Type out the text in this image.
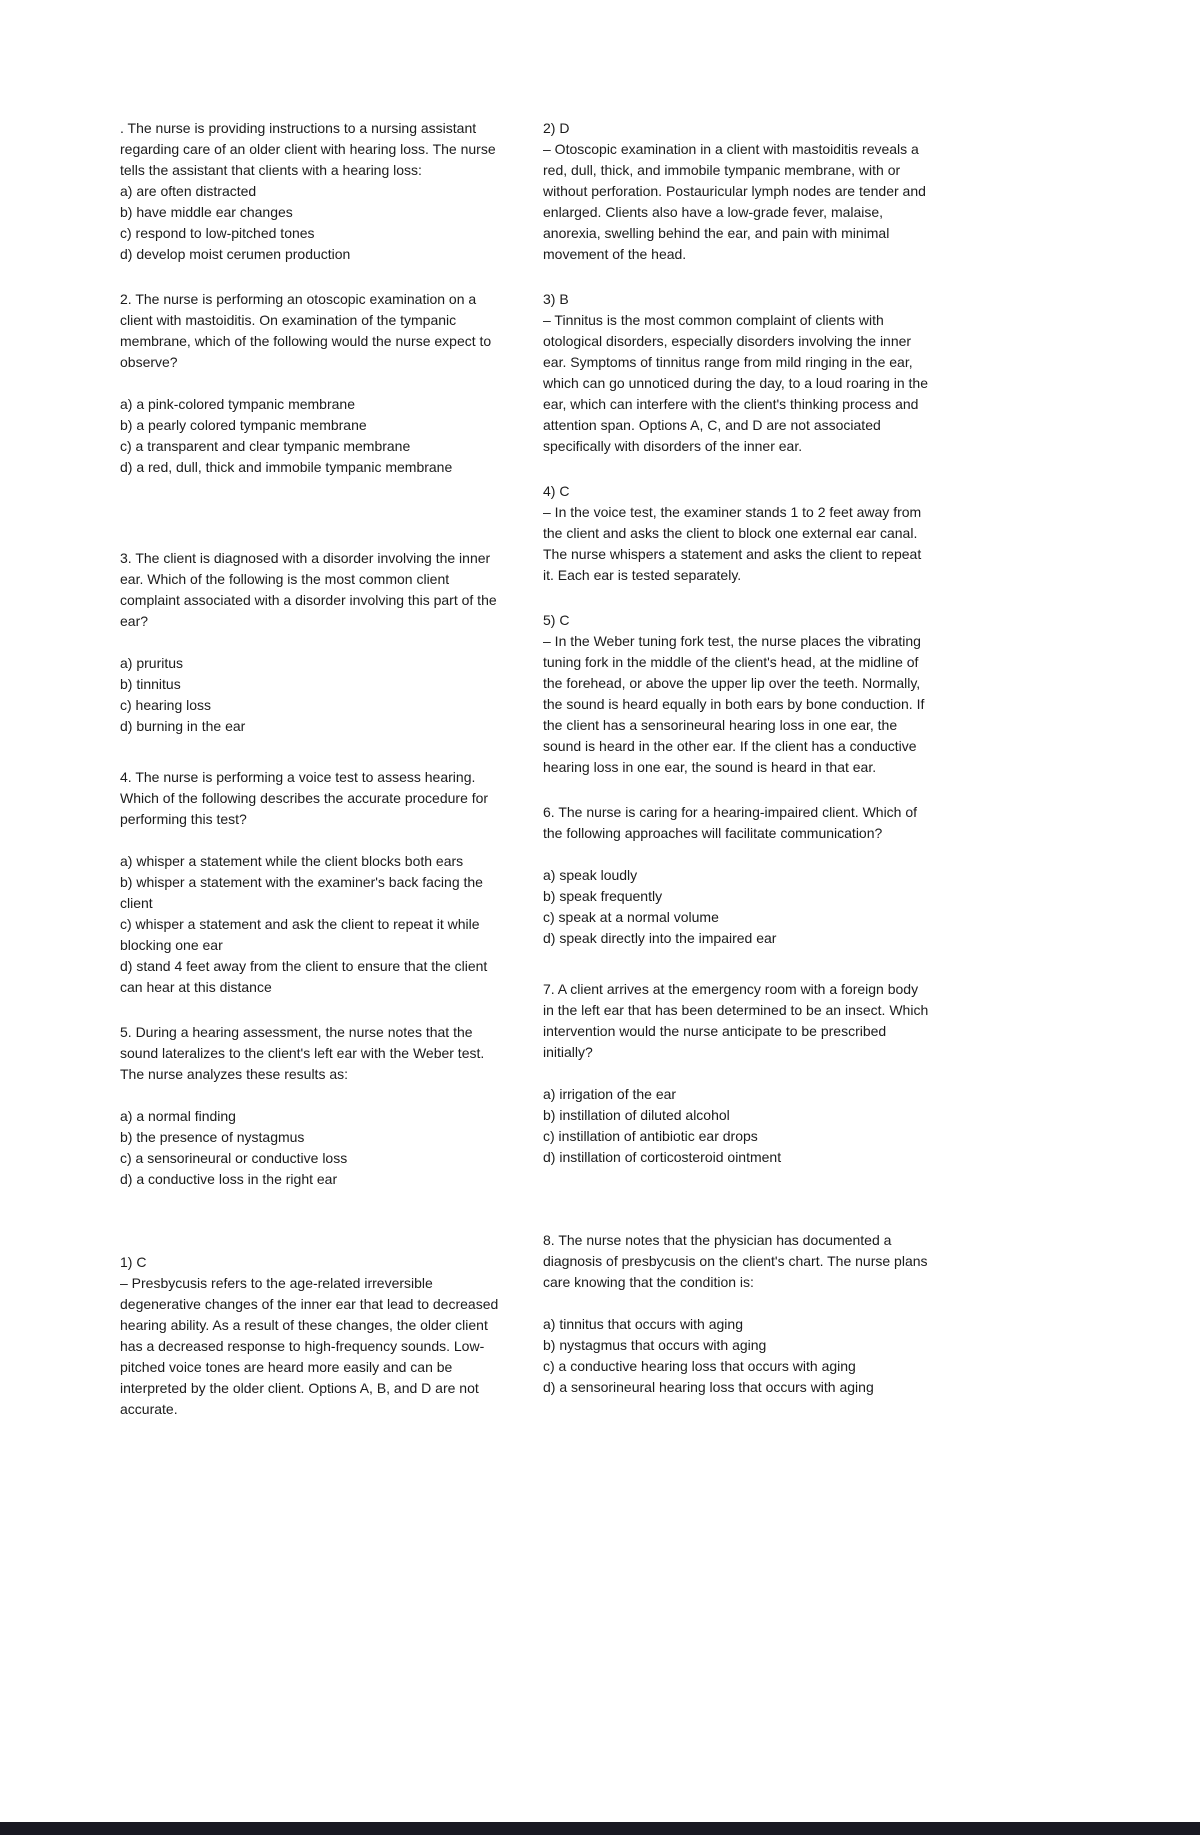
. The nurse is providing instructions to a nursing assistant regarding care of an older client with hearing loss. The nurse tells the assistant that clients with a hearing loss:

a) are often distracted

b) have middle ear changes

c) respond to low-pitched tones

d) develop moist cerumen production

2. The nurse is performing an otoscopic examination on a client with mastoiditis. On examination of the tympanic membrane, which of the following would the nurse expect to observe?

a) a pink-colored tympanic membrane

b) a pearly colored tympanic membrane

c) a transparent and clear tympanic membrane

d) a red, dull, thick and immobile tympanic membrane

3. The client is diagnosed with a disorder involving the inner ear. Which of the following is the most common client complaint associated with a disorder involving this part of the ear?

a) pruritus

b) tinnitus

c) hearing loss

d) burning in the ear

4. The nurse is performing a voice test to assess hearing. Which of the following describes the accurate procedure for performing this test?

a) whisper a statement while the client blocks both ears

b) whisper a statement with the examiner's back facing the client

c) whisper a statement and ask the client to repeat it while blocking one ear

d) stand 4 feet away from the client to ensure that the client can hear at this distance

5. During a hearing assessment, the nurse notes that the sound lateralizes to the client's left ear with the Weber test. The nurse analyzes these results as:

a) a normal finding

b) the presence of nystagmus

c) a sensorineural or conductive loss

d) a conductive loss in the right ear

1) C

– Presbycusis refers to the age-related irreversible degenerative changes of the inner ear that lead to decreased hearing ability. As a result of these changes, the older client has a decreased response to high-frequency sounds. Low-pitched voice tones are heard more easily and can be interpreted by the older client. Options A, B, and D are not accurate.

2) D

– Otoscopic examination in a client with mastoiditis reveals a red, dull, thick, and immobile tympanic membrane, with or without perforation. Postauricular lymph nodes are tender and enlarged. Clients also have a low-grade fever, malaise, anorexia, swelling behind the ear, and pain with minimal movement of the head.

3) B

– Tinnitus is the most common complaint of clients with otological disorders, especially disorders involving the inner ear. Symptoms of tinnitus range from mild ringing in the ear, which can go unnoticed during the day, to a loud roaring in the ear, which can interfere with the client's thinking process and attention span. Options A, C, and D are not associated specifically with disorders of the inner ear.

4) C

– In the voice test, the examiner stands 1 to 2 feet away from the client and asks the client to block one external ear canal. The nurse whispers a statement and asks the client to repeat it. Each ear is tested separately.

5) C

– In the Weber tuning fork test, the nurse places the vibrating tuning fork in the middle of the client's head, at the midline of the forehead, or above the upper lip over the teeth. Normally, the sound is heard equally in both ears by bone conduction. If the client has a sensorineural hearing loss in one ear, the sound is heard in the other ear. If the client has a conductive hearing loss in one ear, the sound is heard in that ear.

6. The nurse is caring for a hearing-impaired client. Which of the following approaches will facilitate communication?

a) speak loudly

b) speak frequently

c) speak at a normal volume

d) speak directly into the impaired ear

7. A client arrives at the emergency room with a foreign body in the left ear that has been determined to be an insect. Which intervention would the nurse anticipate to be prescribed initially?

a) irrigation of the ear

b) instillation of diluted alcohol

c) instillation of antibiotic ear drops

d) instillation of corticosteroid ointment

8. The nurse notes that the physician has documented a diagnosis of presbycusis on the client's chart. The nurse plans care knowing that the condition is:

a) tinnitus that occurs with aging

b) nystagmus that occurs with aging

c) a conductive hearing loss that occurs with aging

d) a sensorineural hearing loss that occurs with aging
